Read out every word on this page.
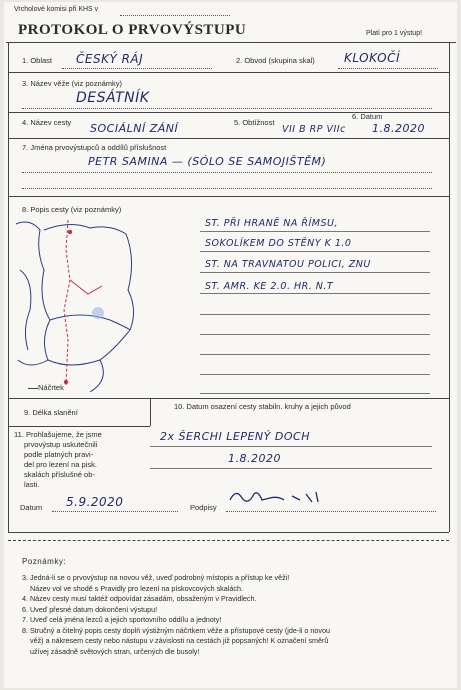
Vrcholové komisi při KHS v
PROTOKOL O PRVOVÝSTUPU	Platí pro 1 výstup!
1. Oblast ČESKÝ RÁJ	2. Obvod (skupina skal) KLOKOČÍ
3. Název věže (viz poznámky)
DESÁTNÍK
4. Název cesty SOCIÁLNÍ ZÁNÍ	5. Obtížnost
VII B RP VIIc
6. Datum
1.8.2020
7. Jména prvovýstupců a oddílů příslušnost
PETR SAMINA — (SÓLO SE SAMOJIŠTĚM)
8. Popis cesty (viz poznámky)
Náčrtek
ST. PŘI HRANĚ NA ŘÍMSU,
SOKOLÍKEM DO STĚNY K 1.0
ST. NA TRAVNATOU POLICI, ZNU
ST. AMR. KE 2.0. HR. N.T
9. Délka slanění
10. Datum osazení cesty stabiln. kruhy a jejich původ
2x ŠERCHI LEPENÝ DOCH
1.8.2020
11. Prohlašujeme, že jsme
prvovýstup uskutečnili
podle platných pravi-
del pro lezení na pisk.
skalách příslušné ob-
lasti.
Datum 5.9.2020	Podpisy
Poznámky:
3. Jedná-li se o prvovýstup na novou věž, uveď podrobný místopis a přístup ke věži!
Název vol ve shodě s Pravidly pro lezení na pískovcových skalách.
4. Název cesty musí taktéž odpovídat zásadám, obsaženým v Pravidlech.
6. Uveď přesné datum dokončení výstupu!
7. Uveď celá jména lezců a jejich sportovního oddílu a jednoty!
8. Stručný a čitelný popis cesty doplň výstižným náčrtkem věže a přístupové cesty (jde-li o novou
věž) a nákresem cesty nebo nástupu v závislosti na cestách již popsaných! K označení směrů
užívej zásadně světových stran, určených dle busoly!
